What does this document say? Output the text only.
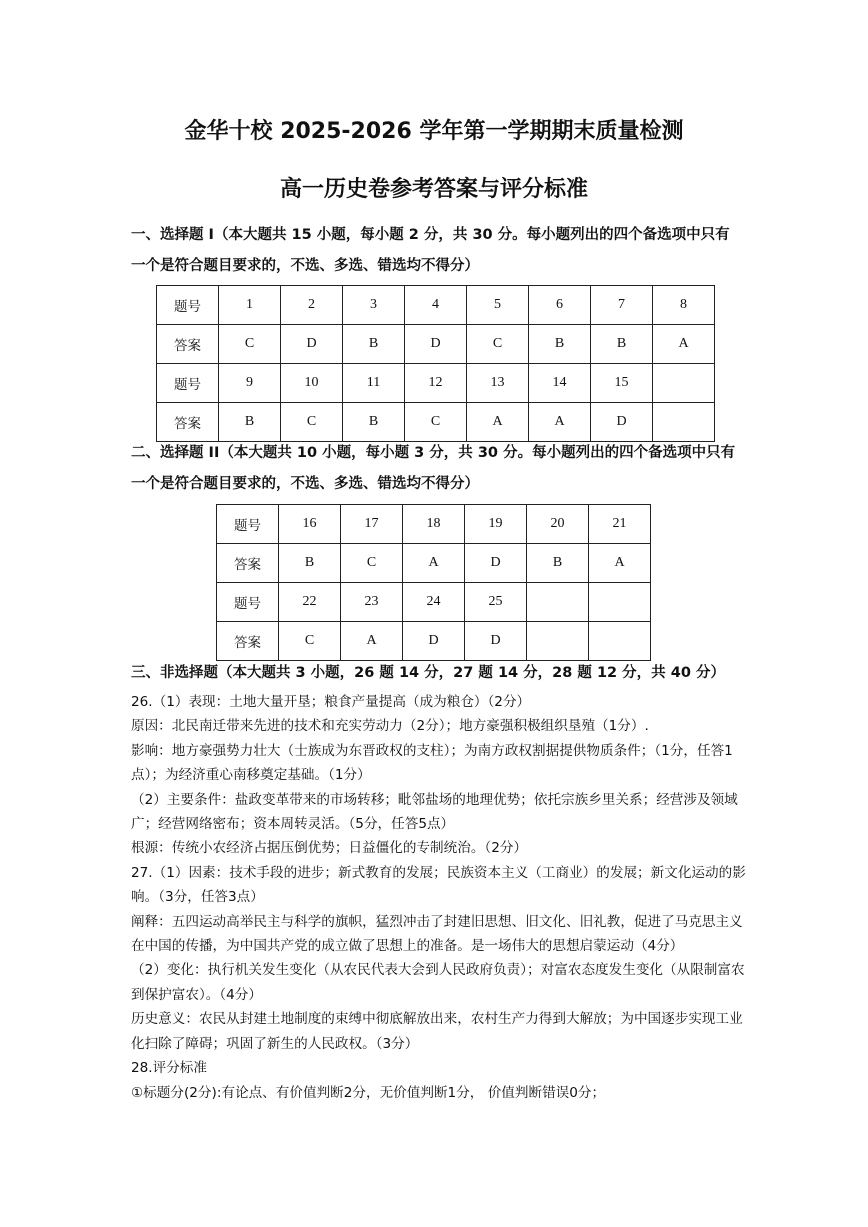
金华十校 2025-2026 学年第一学期期末质量检测
高一历史卷参考答案与评分标准
一、选择题 I（本大题共 15 小题，每小题 2 分，共 30 分。每小题列出的四个备选项中只有一个是符合题目要求的，不选、多选、错选均不得分）
题号	1	2	3	4	5	6	7	8
答案	C	D	B	D	C	B	B	A
题号	9	10	11	12	13	14	15	
答案	B	C	B	C	A	A	D	
二、选择题 II（本大题共 10 小题，每小题 3 分，共 30 分。每小题列出的四个备选项中只有一个是符合题目要求的，不选、多选、错选均不得分）
题号	16	17	18	19	20	21
答案	B	C	A	D	B	A
题号	22	23	24	25		
答案	C	A	D	D		
三、非选择题（本大题共 3 小题，26 题 14 分，27 题 14 分，28 题 12 分，共 40 分）

26.（1）表现：土地大量开垦；粮食产量提高（成为粮仓）（2分）

原因：北民南迁带来先进的技术和充实劳动力（2分）；地方豪强积极组织垦殖（1分）.

影响：地方豪强势力壮大（士族成为东晋政权的支柱）；为南方政权割据提供物质条件；（1分，任答1点）；为经济重心南移奠定基础。（1分）

（2）主要条件：盐政变革带来的市场转移；毗邻盐场的地理优势；依托宗族乡里关系；经营涉及领域广；经营网络密布；资本周转灵活。（5分，任答5点）

根源：传统小农经济占据压倒优势；日益僵化的专制统治。（2分）

27.（1）因素：技术手段的进步；新式教育的发展；民族资本主义（工商业）的发展；新文化运动的影响。（3分，任答3点）

阐释：五四运动高举民主与科学的旗帜，猛烈冲击了封建旧思想、旧文化、旧礼教，促进了马克思主义在中国的传播，为中国共产党的成立做了思想上的准备。是一场伟大的思想启蒙运动（4分）

（2）变化：执行机关发生变化（从农民代表大会到人民政府负责）；对富农态度发生变化（从限制富农到保护富农）。（4分）

历史意义：农民从封建土地制度的束缚中彻底解放出来，农村生产力得到大解放；为中国逐步实现工业化扫除了障碍；巩固了新生的人民政权。（3分）

28.评分标准

①标题分(2分):有论点、有价值判断2分，无价值判断1分， 价值判断错误0分；
